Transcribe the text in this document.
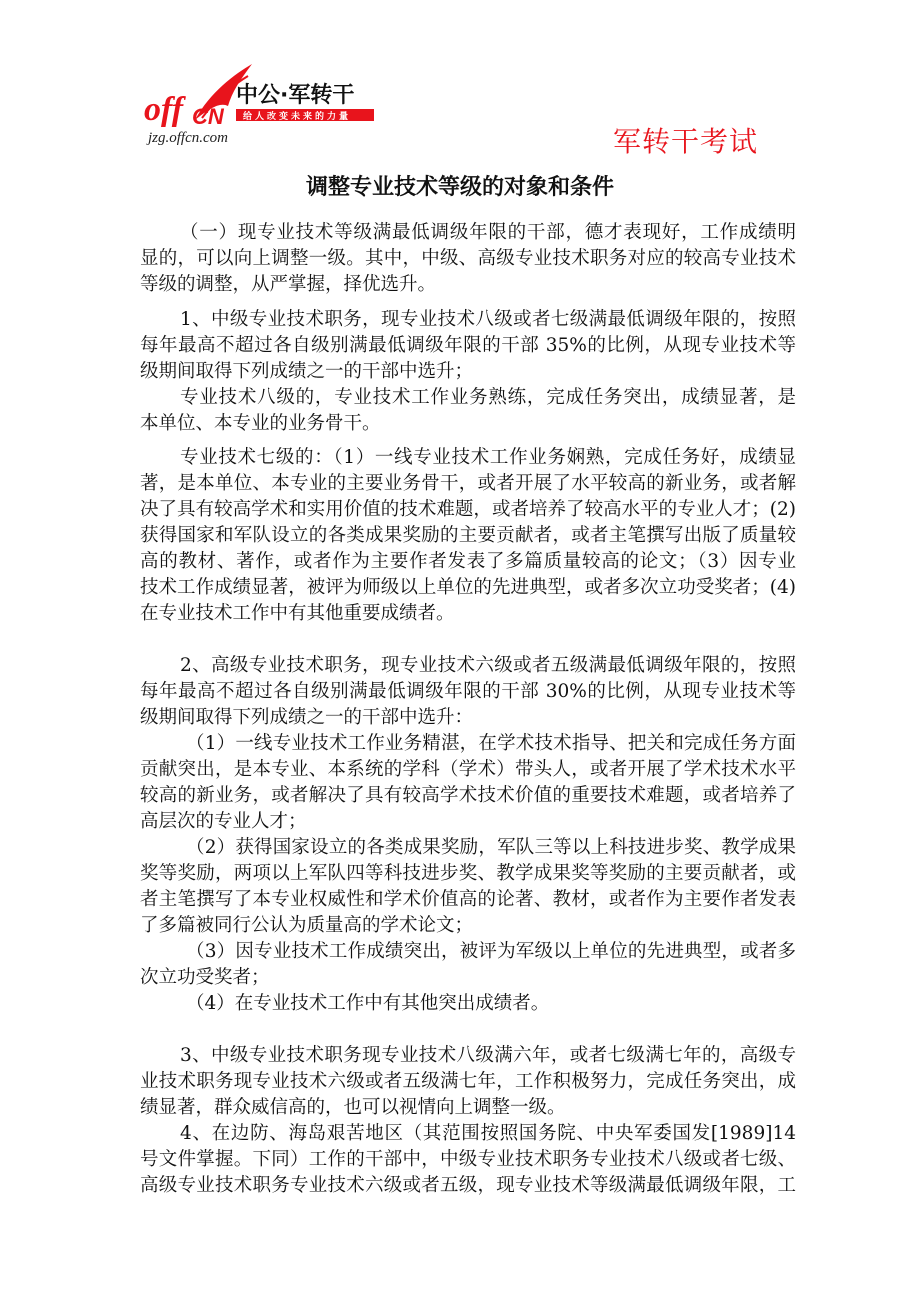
off CN
中公·军转干
给人改变未来的力量
jzg.offcn.com	军转干考试
调整专业技术等级的对象和条件
（一）现专业技术等级满最低调级年限的干部，德才表现好，工作成绩明
显的，可以向上调整一级。其中，中级、高级专业技术职务对应的较高专业技术
等级的调整，从严掌握，择优选升。
1、中级专业技术职务，现专业技术八级或者七级满最低调级年限的，按照
每年最高不超过各自级别满最低调级年限的干部 35%的比例，从现专业技术等
级期间取得下列成绩之一的干部中选升；
专业技术八级的，专业技术工作业务熟练，完成任务突出，成绩显著，是
本单位、本专业的业务骨干。
专业技术七级的：（1）一线专业技术工作业务娴熟，完成任务好，成绩显
著，是本单位、本专业的主要业务骨干，或者开展了水平较高的新业务，或者解
决了具有较高学术和实用价值的技术难题，或者培养了较高水平的专业人才；(2)
获得国家和军队设立的各类成果奖励的主要贡献者，或者主笔撰写出版了质量较
高的教材、著作，或者作为主要作者发表了多篇质量较高的论文；（3）因专业
技术工作成绩显著，被评为师级以上单位的先进典型，或者多次立功受奖者；(4)
在专业技术工作中有其他重要成绩者。
2、高级专业技术职务，现专业技术六级或者五级满最低调级年限的，按照
每年最高不超过各自级别满最低调级年限的干部 30%的比例，从现专业技术等
级期间取得下列成绩之一的干部中选升：
（1）一线专业技术工作业务精湛，在学术技术指导、把关和完成任务方面
贡献突出，是本专业、本系统的学科（学术）带头人，或者开展了学术技术水平
较高的新业务，或者解决了具有较高学术技术价值的重要技术难题，或者培养了
高层次的专业人才；
（2）获得国家设立的各类成果奖励，军队三等以上科技进步奖、教学成果
奖等奖励，两项以上军队四等科技进步奖、教学成果奖等奖励的主要贡献者，或
者主笔撰写了本专业权威性和学术价值高的论著、教材，或者作为主要作者发表
了多篇被同行公认为质量高的学术论文；
（3）因专业技术工作成绩突出，被评为军级以上单位的先进典型，或者多
次立功受奖者；
（4）在专业技术工作中有其他突出成绩者。
3、中级专业技术职务现专业技术八级满六年，或者七级满七年的，高级专
业技术职务现专业技术六级或者五级满七年，工作积极努力，完成任务突出，成
绩显著，群众威信高的，也可以视情向上调整一级。
4、在边防、海岛艰苦地区（其范围按照国务院、中央军委国发[1989]14
号文件掌握。下同）工作的干部中，中级专业技术职务专业技术八级或者七级、
高级专业技术职务专业技术六级或者五级，现专业技术等级满最低调级年限，工
